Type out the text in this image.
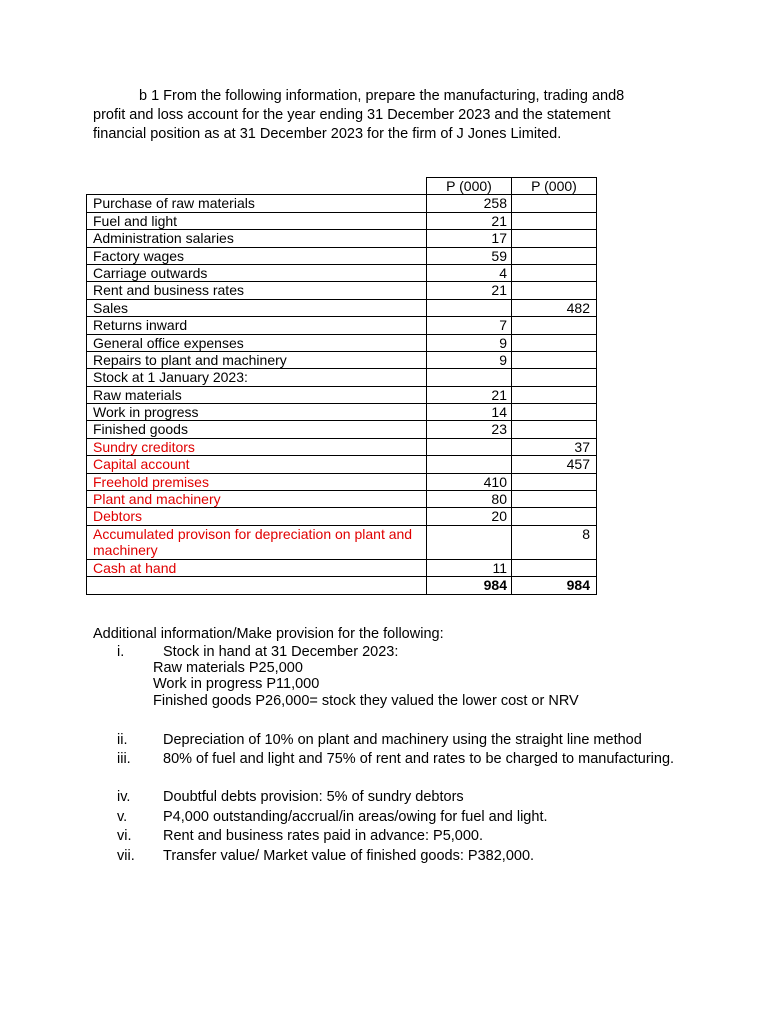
b 1 From the following information, prepare the manufacturing, trading and8

profit and loss account for the year ending 31 December 2023 and the statement

financial position as at 31 December 2023 for the firm of J Jones Limited.

	P (000)	P (000)
Purchase of raw materials	258	
Fuel and light	21	
Administration salaries	17	
Factory wages	59	
Carriage outwards	4	
Rent and business rates	21	
Sales		482
Returns inward	7	
General office expenses	9	
Repairs to plant and machinery	9	
Stock at 1 January 2023:		
Raw materials	21	
Work in progress	14	
Finished goods	23	
Sundry creditors		37
Capital account		457
Freehold premises	410	
Plant and machinery	80	
Debtors	20	
Accumulated provison for depreciation on plant and machinery		8
Cash at hand	11	
	984	984

Additional information/Make provision for the following:

i.	Stock in hand at 31 December 2023:
Raw materials P25,000
Work in progress P11,000
Finished goods P26,000= stock they valued the lower cost or NRV
ii. Depreciation of 10% on plant and machinery using the straight line method
iii. 80% of fuel and light and 75% of rent and rates to be charged to manufacturing.
iv. Doubtful debts provision: 5% of sundry debtors
v. P4,000 outstanding/accrual/in areas/owing for fuel and light.
vi. Rent and business rates paid in advance: P5,000.
vii. Transfer value/ Market value of finished goods: P382,000.
